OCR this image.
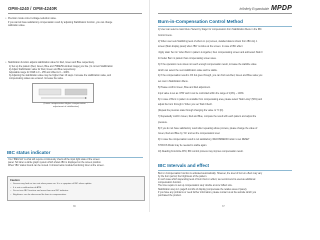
OPM-4240 / OPM-4240R
• Precision mode correct voltage-reduction value.
If you cannot have satisfactory compensation result by adjusting Stabilization function, you can change
calibration value.
• Stabilization function adjusts stabilization value for Red, Green and Blue respectively.
1) Set up the pattern (Red, Green, Blue and 75IRE/50 window image) you like. (In correct Stabilization
2) Adjust Stabilization value for Red, Green and Blue respectively.
Adjustable range for RGB is 0 ~ 255 and offset is 0 ~ 100%.
3) Adjusting the stabilization value may be higher than 10 steps. Increase the stabilization value, and
compensating values are entered. Increase the value.
(Lower compensation Higher compensation →
adjustment of stabilization)
IBC status indicator
Your 'IBE/LS/A' is what will require continuously check all the input light state of the screen
panel. Tell when a white graph system which shows IBC is displayed on the screen position.
When 'IBC' status bound can be moved. It shows below module/monitoring timer at the screen.
Caution
• Screen may fade or turn out when power on. It is a symptom of IBC when update.
• It is not a malfunction of ATM.
• Do not use IBC function and more than one IBC indicator.
• Brightness can be decreased for burn in compensation.
36
Infinitely Expandable MPDP
Burn-in-Compensation Control Method
1) User can select a main Menu 'Select by Stage' for compensation from Stabilization Menu in the IBC
Control menu.
2) When user sets Stabilizing level of effect on (ex) screen, detailed data is shown from IBC Adj. 1
screen (Main display panel) when 'IBC' is Active at the screen. In case of IBC effect
'Apply state' Set 'on' when Burn in pattern is together, then compensating screen and add select Stab 0
for better Burn in pattern than compensating screen area.
3) If the operation menu does not reach enough compensation result, increase the stabilize value
which can select the next stabilization value and be stable.
4) If the compensation result is OK but goes through, you can find new Red, Green and Blue value you
set now in Stabilization Menu.
5) Please confirm Green, Blue and Red adjustment.
Input value is set as 'ATM' and it can be controlled within the range of 1(0%) ~ 100%.
6) In case of Burn in pattern is unstable from compensating area, please select 'Stab Lowly' (50%) and
adjust the burn through it. When you set 'Stab Check'.
(Repeat the previous state through changing the value 'or 'O (N).
7) Repeatedly confirm Green, Red and Blue, compare the result with each pattern and adjust the
pressure.
8) If you do not have satisfactory result after repeating above process, please change the value of
Green, Red and Blue by 'On' and set the compensation level.
9) In case the compensation result is not satisfactory, RECOMMEND button to set RESET
STOCKS Model may be needed to stable again.
10) Reading from/write ATM, IBC control process may improve compensation result.
IBC Intervals and effect
Burn-in Compensation function is activated automatically. However, the level of burn-in effect may vary
by the burn period, the brightness of the pattern.
In such case which depending level of burnt burn-in effect, we recommend to execute additional
compensation function.
The time require to set up compensation step 'double at once' Effect size.
Stabilization step is 1 page/6 months of display (compensate the relative area of panel).
If you have any problems or need further information, please contact us at the website which you
purchased the product.
37
